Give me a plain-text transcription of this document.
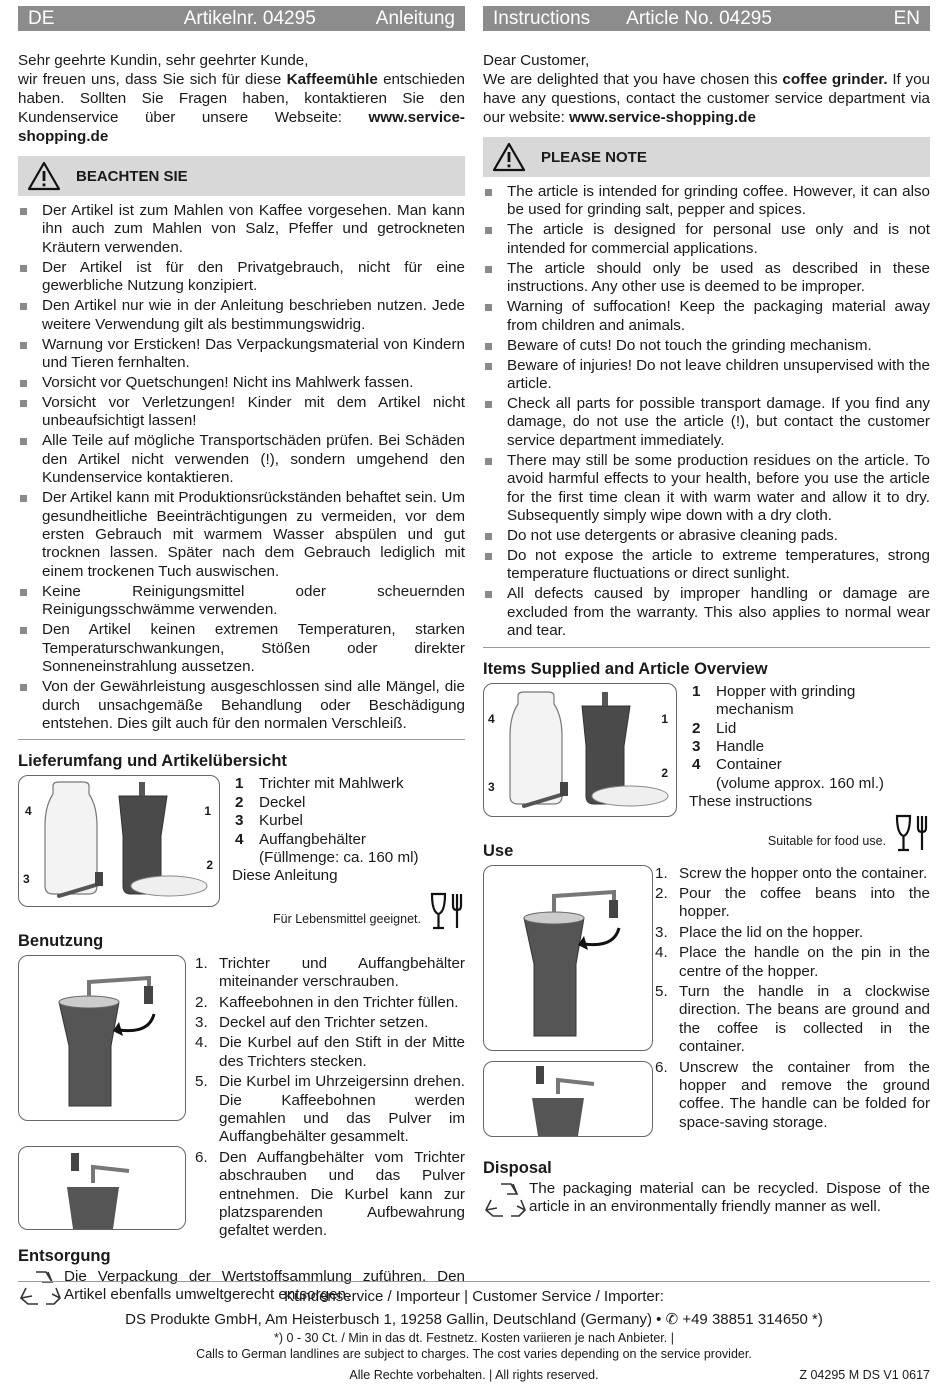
DE	Artikelnr. 04295	Anleitung

Sehr geehrte Kundin, sehr geehrter Kunde,

wir freuen uns, dass Sie sich für diese Kaffeemühle entschieden haben. Sollten Sie Fragen haben, kontaktieren Sie den Kundenservice über unsere Webseite: www.service-shopping.de

BEACHTEN SIE
Der Artikel ist zum Mahlen von Kaffee vorgesehen. Man kann ihn auch zum Mahlen von Salz, Pfeffer und getrockneten Kräutern verwenden.
Der Artikel ist für den Privatgebrauch, nicht für eine gewerbliche Nutzung konzipiert.
Den Artikel nur wie in der Anleitung beschrieben nutzen. Jede weitere Verwendung gilt als bestimmungswidrig.
Warnung vor Ersticken! Das Verpackungsmaterial von Kindern und Tieren fernhalten.
Vorsicht vor Quetschungen! Nicht ins Mahlwerk fassen.
Vorsicht vor Verletzungen! Kinder mit dem Artikel nicht unbeaufsichtigt lassen!
Alle Teile auf mögliche Transportschäden prüfen. Bei Schäden den Artikel nicht verwenden (!), sondern umgehend den Kundenservice kontaktieren.
Der Artikel kann mit Produktionsrückständen behaftet sein. Um gesundheitliche Beeinträchtigungen zu vermeiden, vor dem ersten Gebrauch mit warmem Wasser abspülen und gut trocknen lassen. Später nach dem Gebrauch lediglich mit einem trockenen Tuch auswischen.
Keine Reinigungsmittel oder scheuernden Reinigungsschwämme verwenden.
Den Artikel keinen extremen Temperaturen, starken Temperaturschwankungen, Stößen oder direkter Sonneneinstrahlung aussetzen.
Von der Gewährleistung ausgeschlossen sind alle Mängel, die durch unsachgemäße Behandlung oder Beschädigung entstehen. Dies gilt auch für den normalen Verschleiß.
Lieferumfang und Artikelübersicht
4	1
2
3
1	Trichter mit Mahlwerk
2	Deckel
3	Kurbel
4	Auffangbehälter
(Füllmenge: ca. 160 ml)
Diese Anleitung
Für Lebensmittel geeignet.
Benutzung
1. Trichter und Auffangbehälter miteinander verschrauben.
2. Kaffeebohnen in den Trichter füllen.
3. Deckel auf den Trichter setzen.
4. Die Kurbel auf den Stift in der Mitte des Trichters stecken.
5. Die Kurbel im Uhrzeigersinn drehen. Die Kaffeebohnen werden gemahlen und das Pulver im Auffangbehälter gesammelt.
6. Den Auffangbehälter vom Trichter abschrauben und das Pulver entnehmen. Die Kurbel kann zur platzsparenden Aufbewahrung gefaltet werden.
Entsorgung
Die Verpackung der Wertstoffsammlung zuführen. Den Artikel ebenfalls umweltgerecht entsorgen.
Instructions Article No. 04295	EN

Dear Customer,

We are delighted that you have chosen this coffee grinder. If you have any questions, contact the customer service department via our website: www.service-shopping.de

PLEASE NOTE
The article is intended for grinding coffee. However, it can also be used for grinding salt, pepper and spices.
The article is designed for personal use only and is not intended for commercial applications.
The article should only be used as described in these instructions. Any other use is deemed to be improper.
Warning of suffocation! Keep the packaging material away from children and animals.
Beware of cuts! Do not touch the grinding mechanism.
Beware of injuries! Do not leave children unsupervised with the article.
Check all parts for possible transport damage. If you find any damage, do not use the article (!), but contact the customer service department immediately.
There may still be some production residues on the article. To avoid harmful effects to your health, before you use the article for the first time clean it with warm water and allow it to dry. Subsequently simply wipe down with a dry cloth.
Do not use detergents or abrasive cleaning pads.
Do not expose the article to extreme temperatures, strong temperature fluctuations or direct sunlight.
All defects caused by improper handling or damage are excluded from the warranty. This also applies to normal wear and tear.
Items Supplied and Article Overview
4	1
2
3
1	Hopper with grinding mechanism
2	Lid
3	Handle
4	Container
(volume approx. 160 ml.)
These instructions
Suitable for food use.
Use
1. Screw the hopper onto the container.
2. Pour the coffee beans into the hopper.
3. Place the lid on the hopper.
4. Place the handle on the pin in the centre of the hopper.
5. Turn the handle in a clockwise direction. The beans are ground and the coffee is collected in the container.
6. Unscrew the container from the hopper and remove the ground coffee. The handle can be folded for space-saving storage.
Disposal
The packaging material can be recycled. Dispose of the article in an environmentally friendly manner as well.
Kundenservice / Importeur | Customer Service / Importer:
DS Produkte GmbH, Am Heisterbusch 1, 19258 Gallin, Deutschland (Germany) • ✆ +49 38851 314650 *)
*) 0 - 30 Ct. / Min in das dt. Festnetz. Kosten variieren je nach Anbieter. |
Calls to German landlines are subject to charges. The cost varies depending on the service provider.
Alle Rechte vorbehalten. | All rights reserved.	Z 04295 M DS V1 0617
